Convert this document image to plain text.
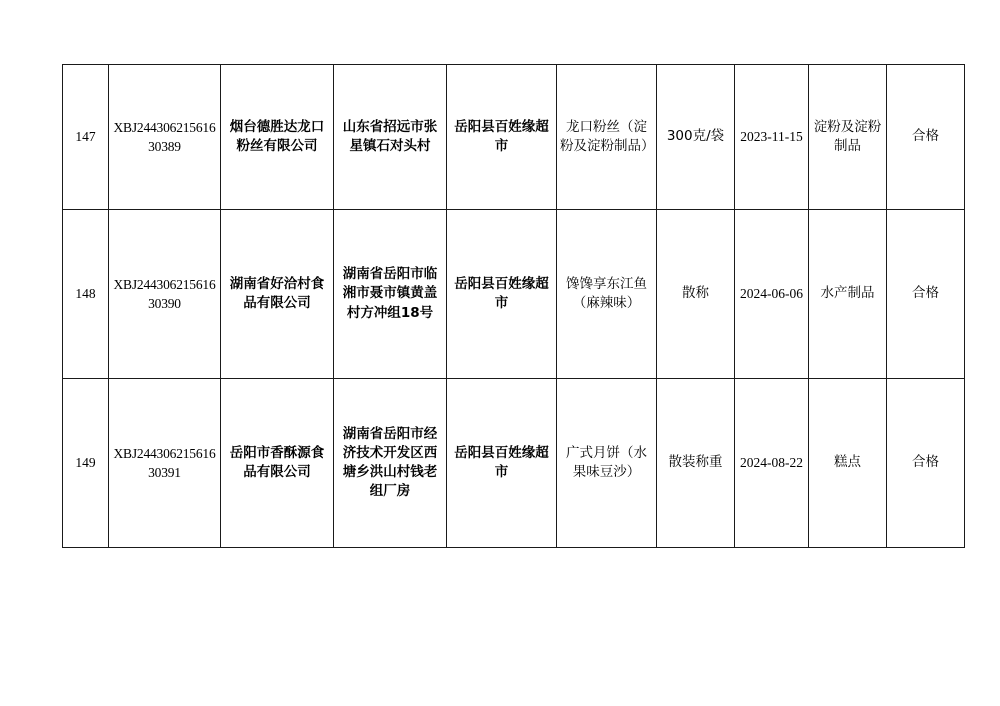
147	XBJ24430621561630389	烟台德胜达龙口粉丝有限公司	山东省招远市张星镇石对头村	岳阳县百姓缘超市	龙口粉丝（淀粉及淀粉制品）	300克/袋	2023-11-15	淀粉及淀粉制品	合格
148	XBJ24430621561630390	湖南省好洽村食品有限公司	湖南省岳阳市临湘市聂市镇黄盖村方冲组18号	岳阳县百姓缘超市	馋馋享东江鱼（麻辣味）	散称	2024-06-06	水产制品	合格
149	XBJ24430621561630391	岳阳市香酥源食品有限公司	湖南省岳阳市经济技术开发区西塘乡洪山村钱老组厂房	岳阳县百姓缘超市	广式月饼（水果味豆沙）	散装称重	2024-08-22	糕点	合格
